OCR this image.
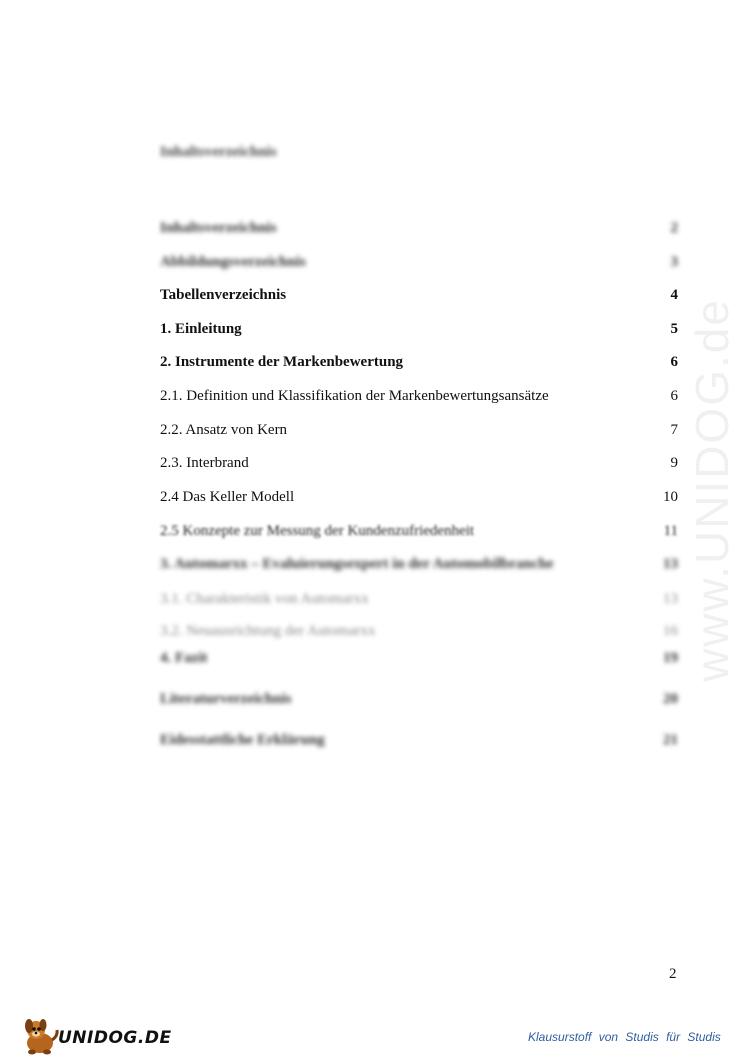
www.UNIDOG.de
Inhaltsverzeichnis
Inhaltsverzeichnis	2
Abbildungsverzeichnis	3
Tabellenverzeichnis	4
1. Einleitung	5
2. Instrumente der Markenbewertung	6
2.1. Definition und Klassifikation der Markenbewertungsansätze	6
2.2. Ansatz von Kern	7
2.3. Interbrand	9
2.4 Das Keller Modell	10
2.5 Konzepte zur Messung der Kundenzufriedenheit	11
3. Automarxx – Evaluierungsexpert in der Automobilbranche	13
3.1. Charakteristik von Automarxx	13
3.2. Neuausrichtung der Automarxx	16
4. Fazit	19
Literaturverzeichnis	20
Eidesstattliche Erklärung	21
2
UNIDOG.DE	Klausurstoff von Studis für Studis
